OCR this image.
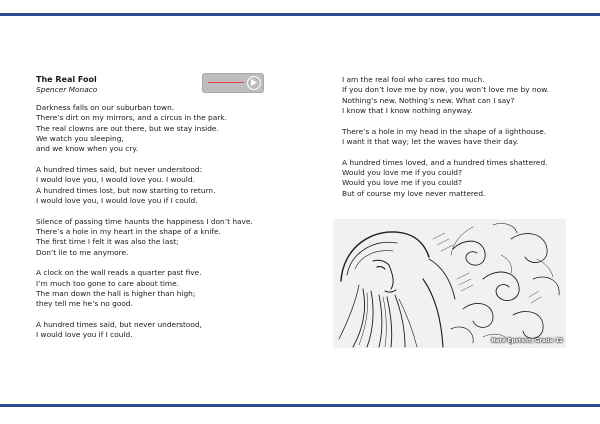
The Real Fool

Spencer Monaco

Darkness falls on our suburban town.
There’s dirt on my mirrors, and a circus in the park.
The real clowns are out there, but we stay inside.
We watch you sleeping,
and we know when you cry.
A hundred times said, but never understood:
I would love you, I would love you. I would.
A hundred times lost, but now starting to return.
I would love you, I would love you if I could.
Silence of passing time haunts the happiness I don’t have.
There’s a hole in my heart in the shape of a knife.
The first time I felt it was also the last;
Don’t lie to me anymore.
A clock on the wall reads a quarter past five.
I’m much too gone to care about time.
The man down the hall is higher than high;
they tell me he’s no good.
A hundred times said, but never understood,
I would love you if I could.
I am the real fool who cares too much.
If you don’t love me by now, you won’t love me by now.
Nothing’s new. Nothing’s new. What can I say?
I know that I know nothing anyway.
There’s a hole in my head in the shape of a lighthouse.
I want it that way; let the waves have their day.
A hundred times loved, and a hundred times shattered.
Would you love me if you could?
Would you love me if you could?
But of course my love never mattered.
Nate Epstein, Grade 12
